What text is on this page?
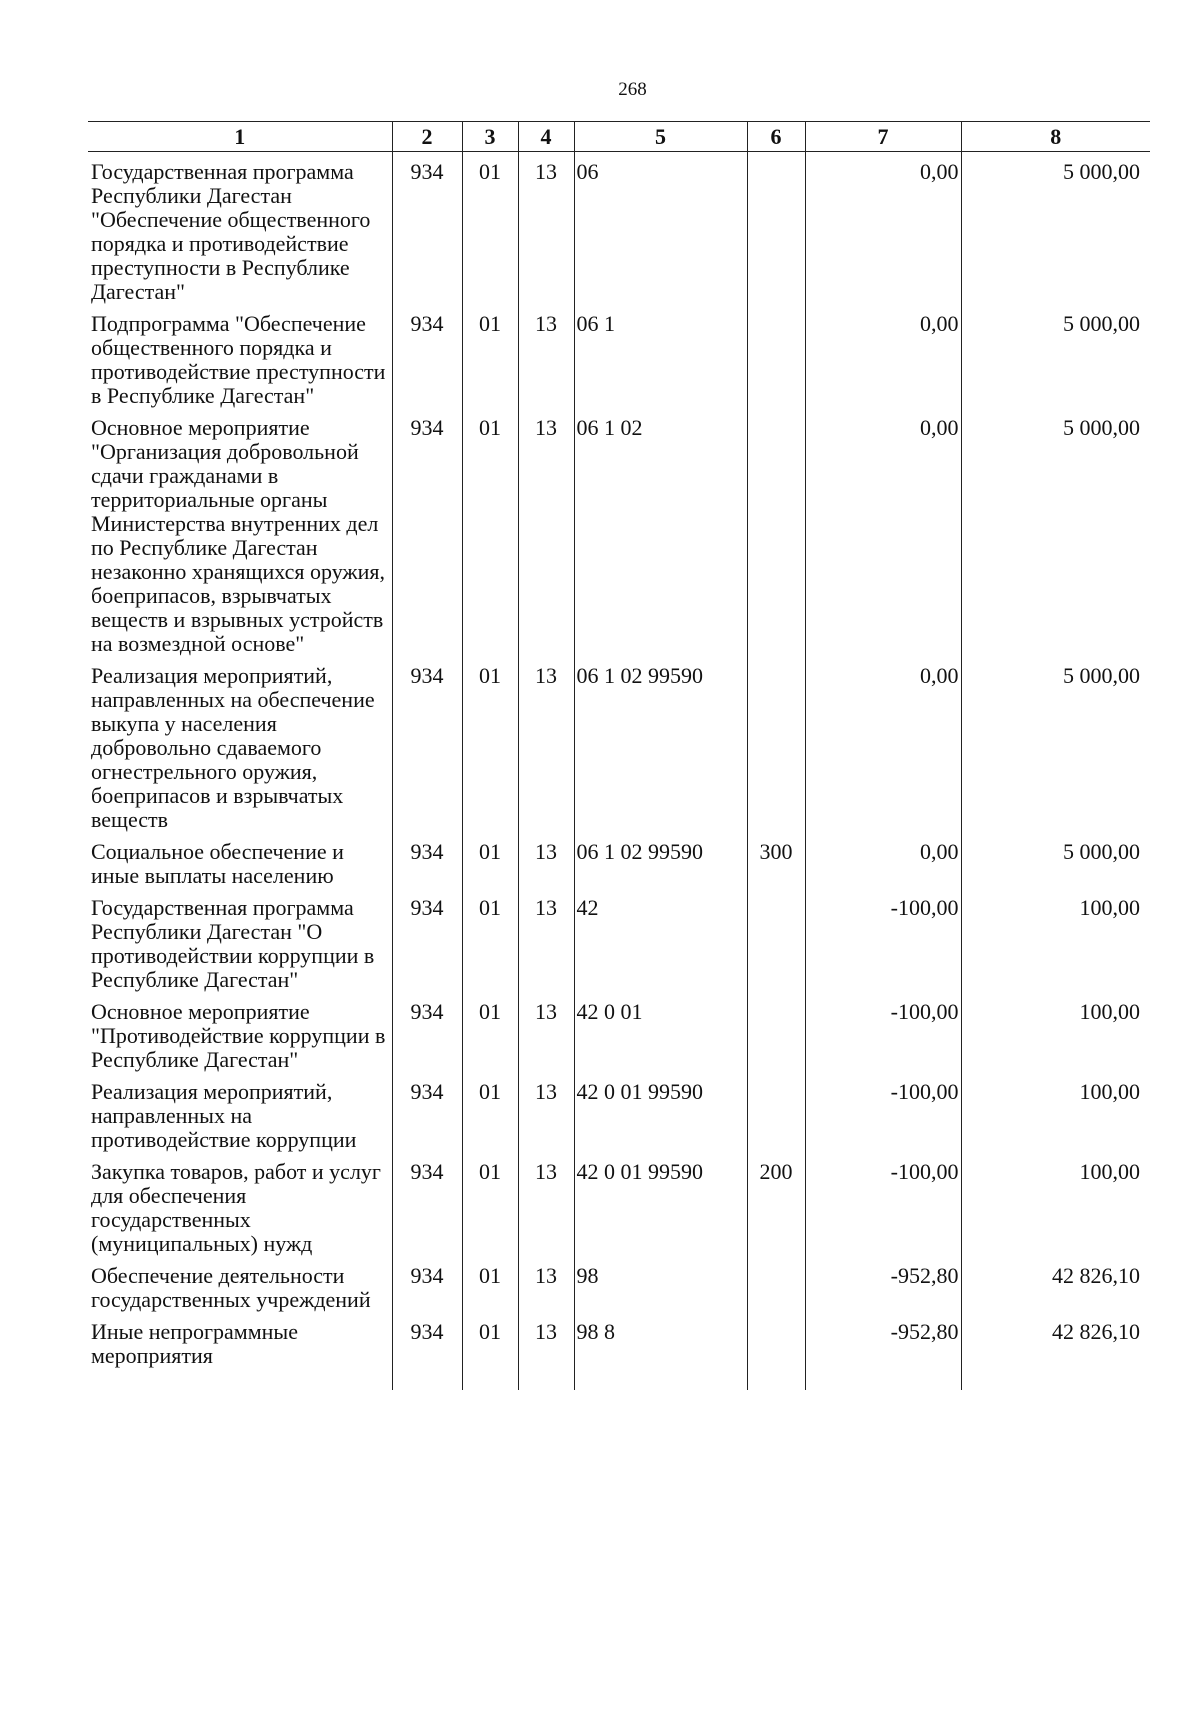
268
1	2	3	4	5	6	7	8
Государственная программа Республики Дагестан "Обеспечение общественного порядка и противодействие преступности в Республике Дагестан"	934	01	13	06		0,00	5 000,00
Подпрограмма "Обеспечение общественного порядка и противодействие преступности в Республике Дагестан"	934	01	13	06 1		0,00	5 000,00
Основное мероприятие "Организация добровольной сдачи гражданами в территориальные органы Министерства внутренних дел по Республике Дагестан незаконно хранящихся оружия, боеприпасов, взрывчатых веществ и взрывных устройств на возмездной основе"	934	01	13	06 1 02		0,00	5 000,00
Реализация мероприятий, направленных на обеспечение выкупа у населения добровольно сдаваемого огнестрельного оружия, боеприпасов и взрывчатых веществ	934	01	13	06 1 02 99590		0,00	5 000,00
Социальное обеспечение и иные выплаты населению	934	01	13	06 1 02 99590	300	0,00	5 000,00
Государственная программа Республики Дагестан "О противодействии коррупции в Республике Дагестан"	934	01	13	42		-100,00	100,00
Основное мероприятие "Противодействие коррупции в Республике Дагестан"	934	01	13	42 0 01		-100,00	100,00
Реализация мероприятий, направленных на противодействие коррупции	934	01	13	42 0 01 99590		-100,00	100,00
Закупка товаров, работ и услуг для обеспечения государственных (муниципальных) нужд	934	01	13	42 0 01 99590	200	-100,00	100,00
Обеспечение деятельности государственных учреждений	934	01	13	98		-952,80	42 826,10
Иные непрограммные мероприятия	934	01	13	98 8		-952,80	42 826,10
